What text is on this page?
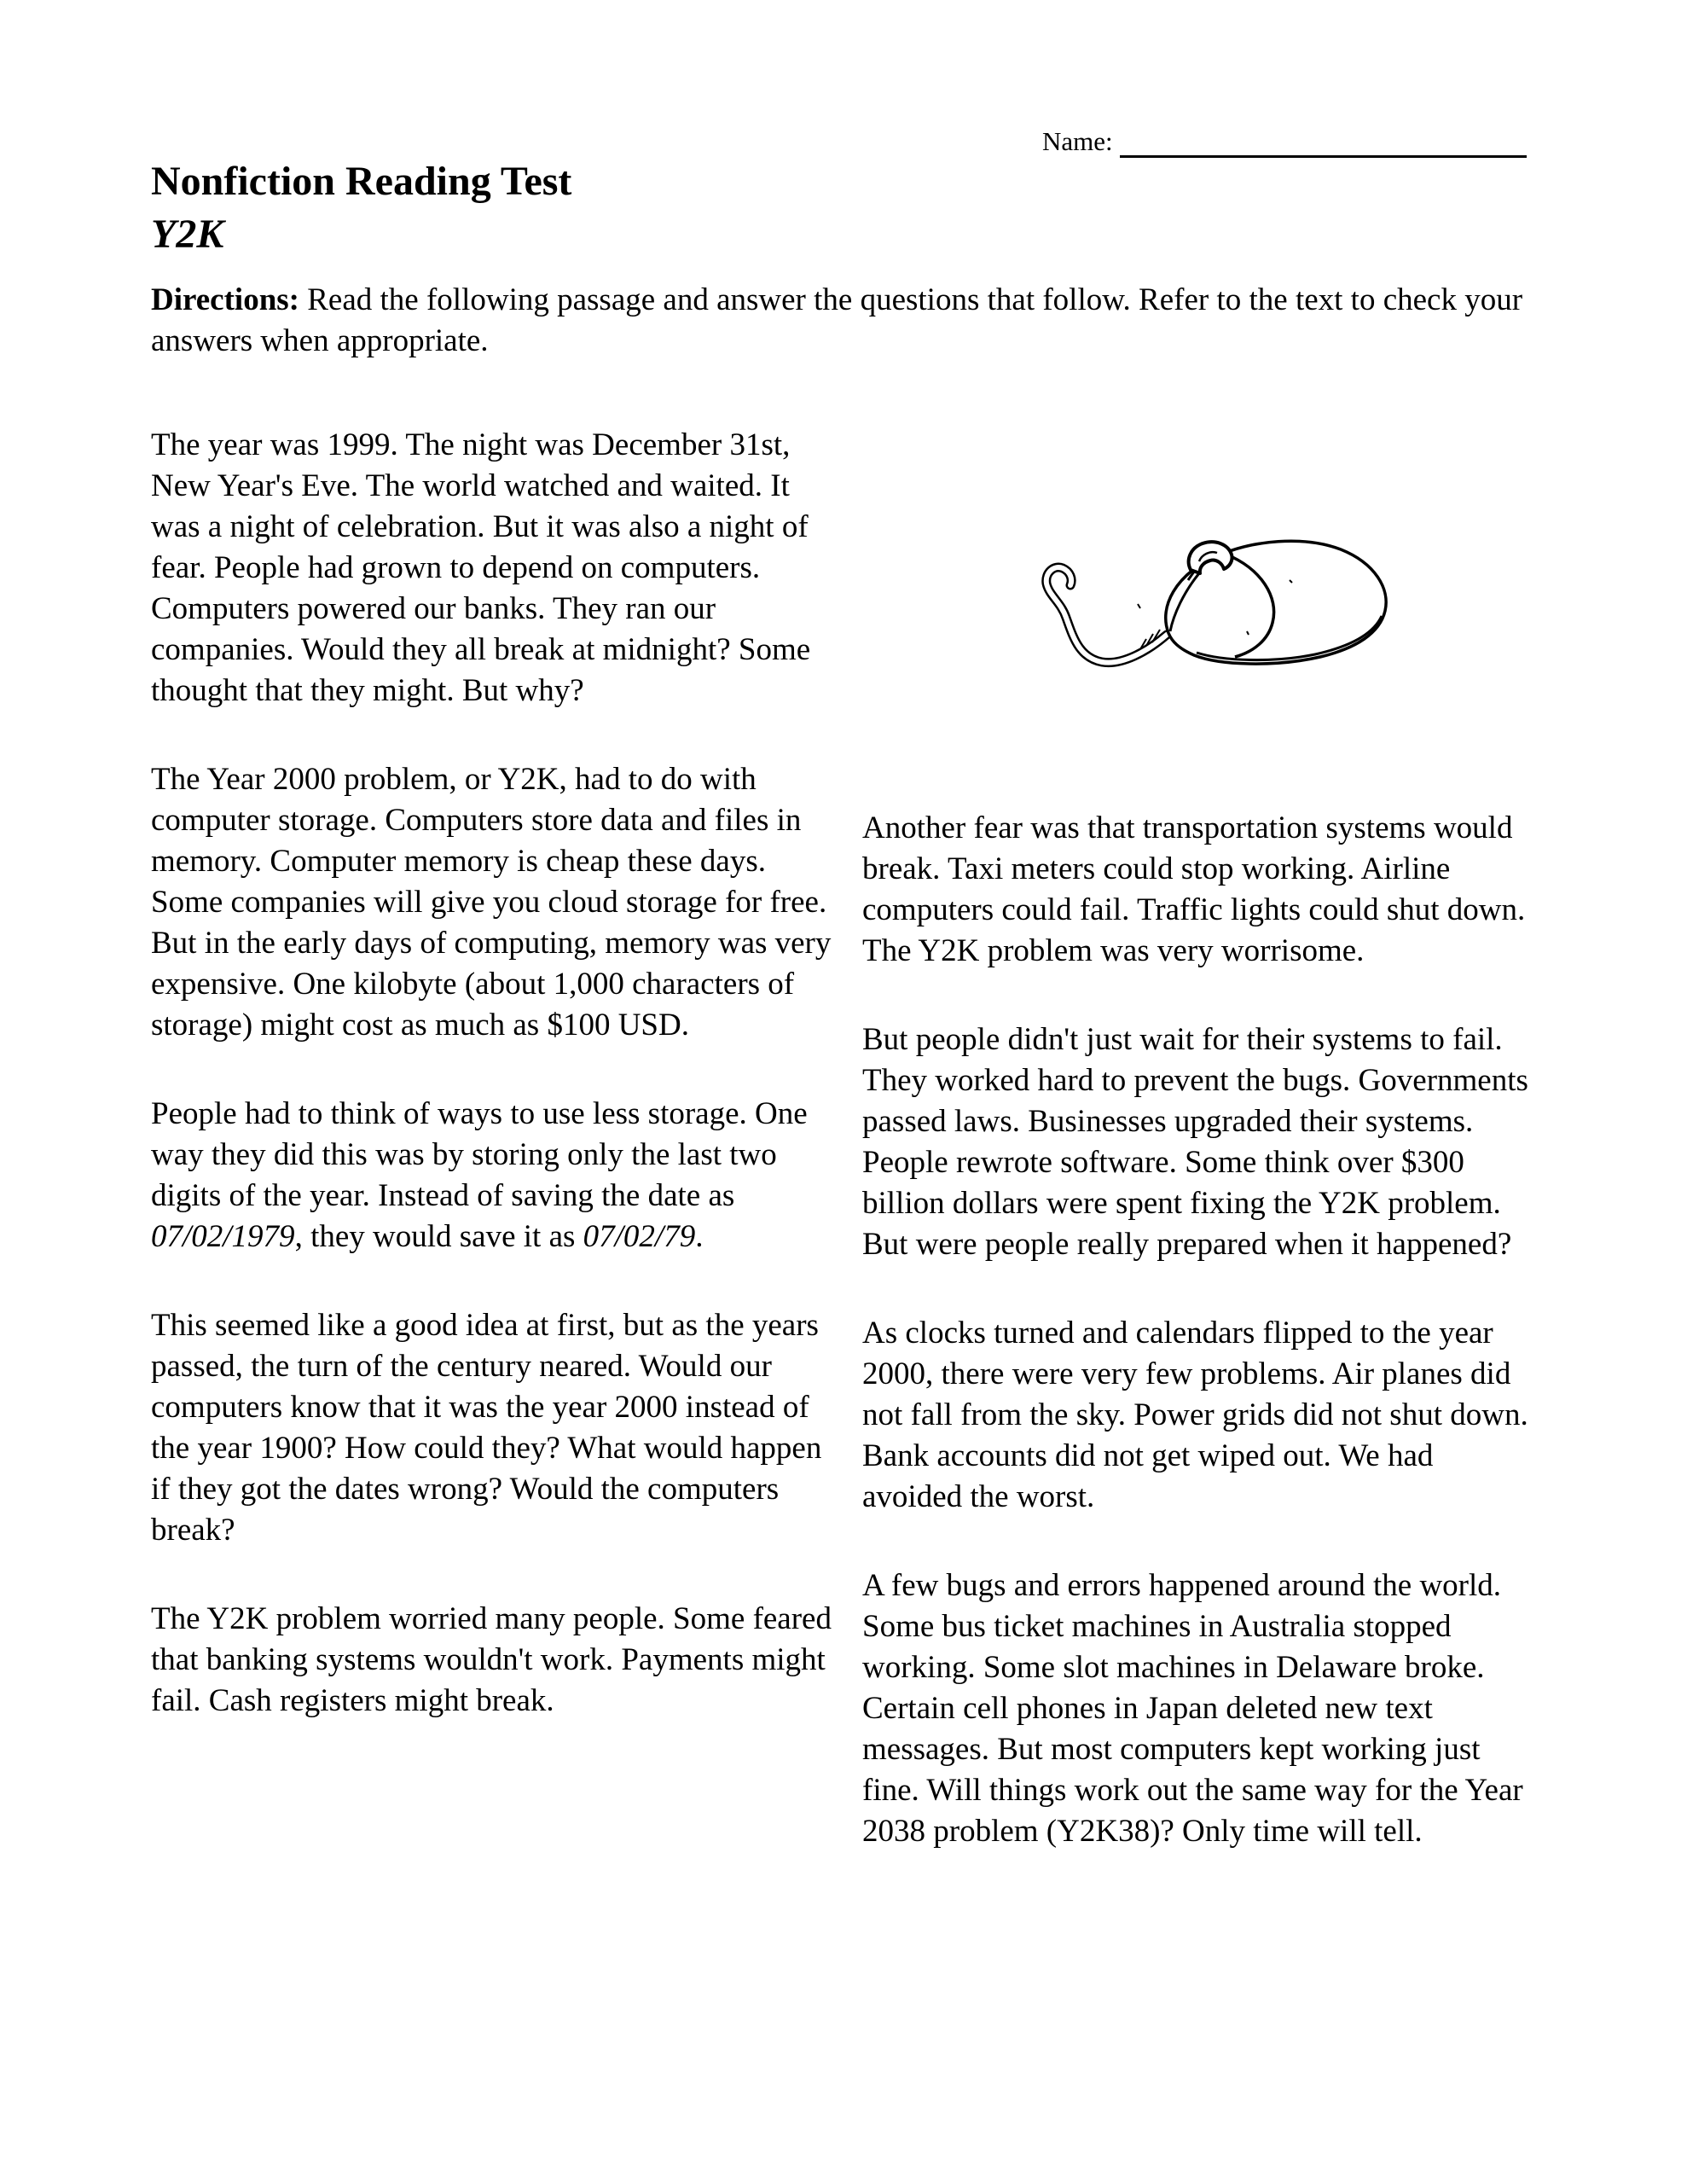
Name:
Nonfiction Reading Test
Y2K

Directions: Read the following passage and answer the questions that follow. Refer to the text to check your answers when appropriate.

The year was 1999. The night was December 31st, New Year's Eve. The world watched and waited. It was a night of celebration. But it was also a night of fear. People had grown to depend on computers. Computers powered our banks. They ran our companies. Would they all break at midnight? Some thought that they might. But why?

The Year 2000 problem, or Y2K, had to do with computer storage. Computers store data and files in memory. Computer memory is cheap these days. Some companies will give you cloud storage for free. But in the early days of computing, memory was very expensive. One kilobyte (about 1,000 characters of storage) might cost as much as $100 USD.

People had to think of ways to use less storage. One way they did this was by storing only the last two digits of the year. Instead of saving the date as 07/02/1979, they would save it as 07/02/79.

This seemed like a good idea at first, but as the years passed, the turn of the century neared. Would our computers know that it was the year 2000 instead of the year 1900? How could they? What would happen if they got the dates wrong? Would the computers break?

The Y2K problem worried many people. Some feared that banking systems wouldn't work. Payments might fail. Cash registers might break.

Another fear was that transportation systems would break. Taxi meters could stop working. Airline computers could fail. Traffic lights could shut down. The Y2K problem was very worrisome.

But people didn't just wait for their systems to fail. They worked hard to prevent the bugs. Governments passed laws. Businesses upgraded their systems. People rewrote software. Some think over $300 billion dollars were spent fixing the Y2K problem. But were people really prepared when it happened?

As clocks turned and calendars flipped to the year 2000, there were very few problems. Air planes did not fall from the sky. Power grids did not shut down. Bank accounts did not get wiped out. We had avoided the worst.

A few bugs and errors happened around the world. Some bus ticket machines in Australia stopped working. Some slot machines in Delaware broke. Certain cell phones in Japan deleted new text messages. But most computers kept working just fine. Will things work out the same way for the Year 2038 problem (Y2K38)? Only time will tell.
